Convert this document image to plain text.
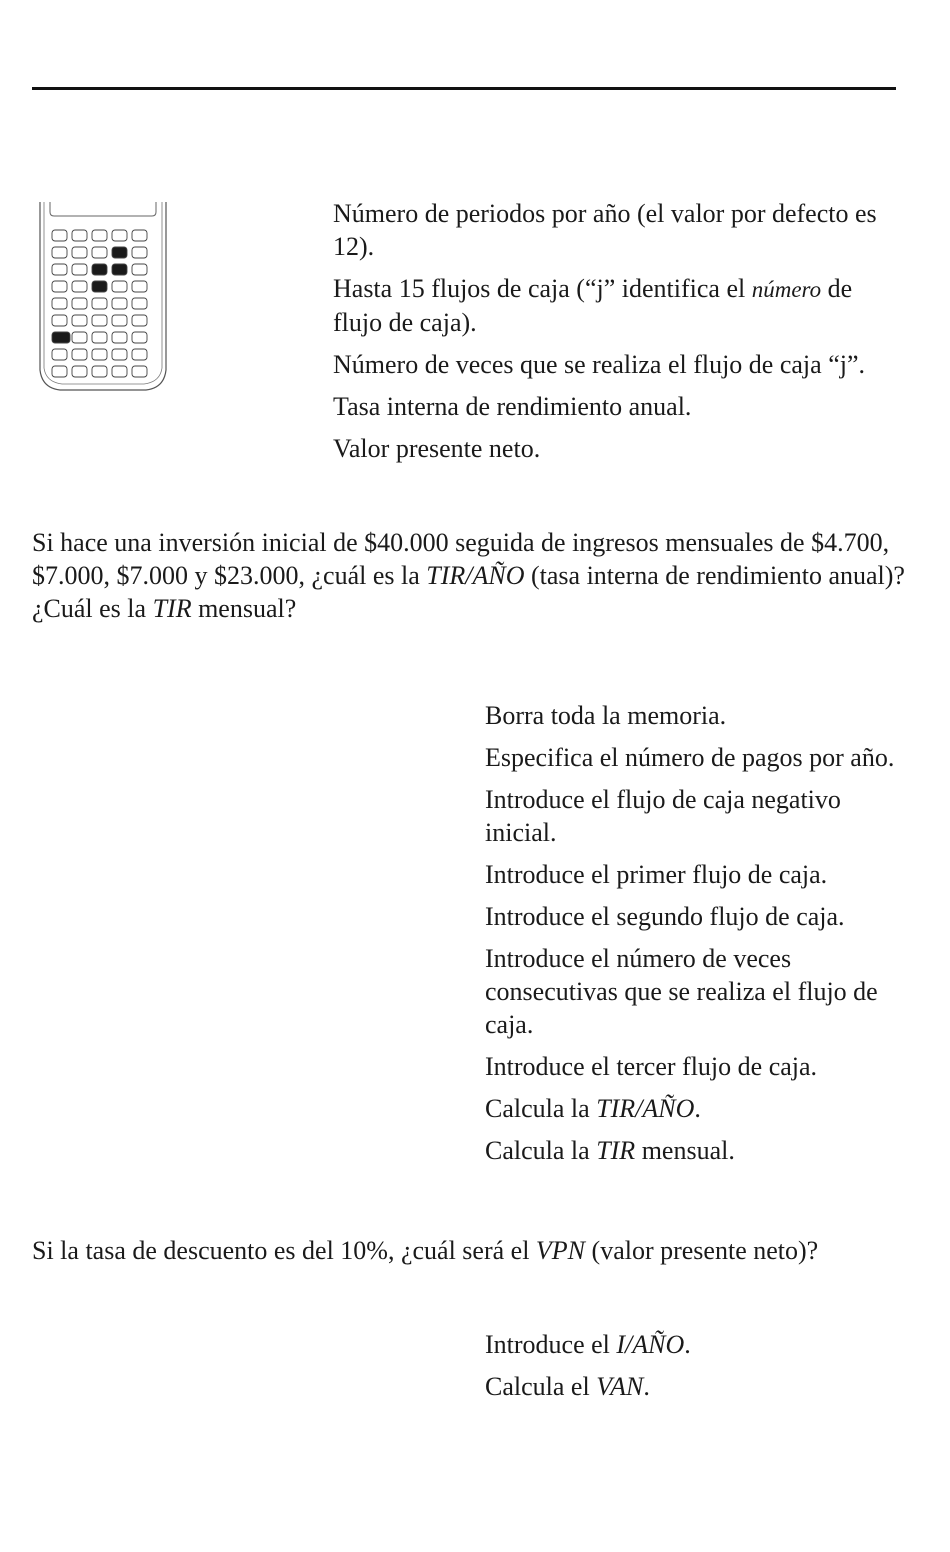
Número de periodos por año (el valor por defecto es 12).
Hasta 15 flujos de caja (“j” identifica el número de flujo de caja).
Número de veces que se realiza el flujo de caja “j”.
Tasa interna de rendimiento anual.
Valor presente neto.
Si hace una inversión inicial de $40.000 seguida de ingresos mensuales de $4.700, $7.000, $7.000 y $23.000, ¿cuál es la TIR/AÑO (tasa interna de rendimiento anual)? ¿Cuál es la TIR mensual?
Borra toda la memoria.
Especifica el número de pagos por año.
Introduce el flujo de caja negativo inicial.
Introduce el primer flujo de caja.
Introduce el segundo flujo de caja.
Introduce el número de veces consecutivas que se realiza el flujo de caja.
Introduce el tercer flujo de caja.
Calcula la TIR/AÑO.
Calcula la TIR mensual.
Si la tasa de descuento es del 10%, ¿cuál será el VPN (valor presente neto)?
Introduce el I/AÑO.
Calcula el VAN.
